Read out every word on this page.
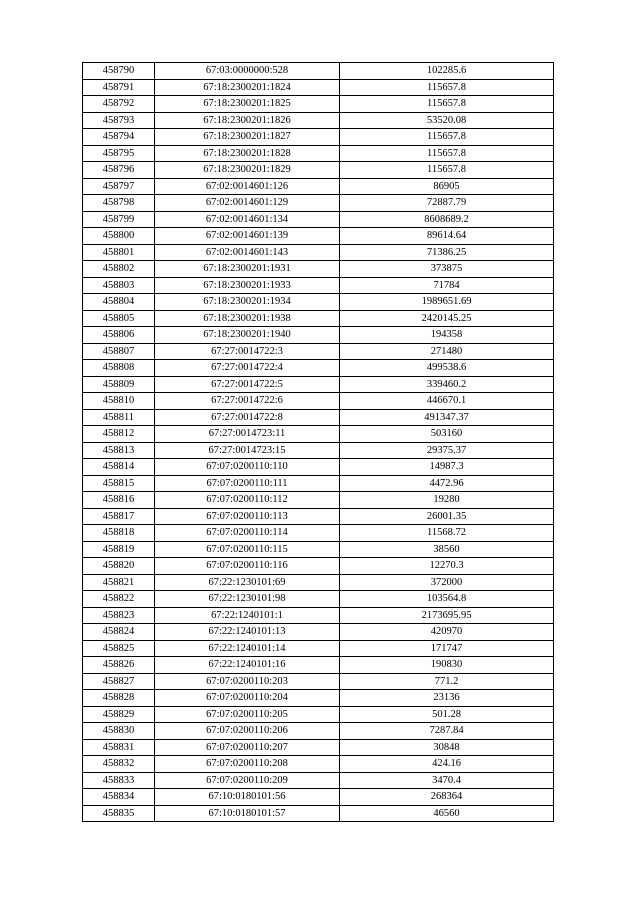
458790	67:03:0000000:528	102285.6
458791	67:18:2300201:1824	115657.8
458792	67:18:2300201:1825	115657.8
458793	67:18:2300201:1826	53520.08
458794	67:18:2300201:1827	115657.8
458795	67:18:2300201:1828	115657.8
458796	67:18:2300201:1829	115657.8
458797	67:02:0014601:126	86905
458798	67:02:0014601:129	72887.79
458799	67:02:0014601:134	8608689.2
458800	67:02:0014601:139	89614.64
458801	67:02:0014601:143	71386.25
458802	67:18:2300201:1931	373875
458803	67:18:2300201:1933	71784
458804	67:18:2300201:1934	1989651.69
458805	67:18:2300201:1938	2420145.25
458806	67:18:2300201:1940	194358
458807	67:27:0014722:3	271480
458808	67:27:0014722:4	499538.6
458809	67:27:0014722:5	339460.2
458810	67:27:0014722:6	446670.1
458811	67:27:0014722:8	491347.37
458812	67:27:0014723:11	503160
458813	67:27:0014723:15	29375.37
458814	67:07:0200110:110	14987.3
458815	67:07:0200110:111	4472.96
458816	67:07:0200110:112	19280
458817	67:07:0200110:113	26001.35
458818	67:07:0200110:114	11568.72
458819	67:07:0200110:115	38560
458820	67:07:0200110:116	12270.3
458821	67:22:1230101:69	372000
458822	67:22:1230101:98	103564.8
458823	67:22:1240101:1	2173695.95
458824	67:22:1240101:13	420970
458825	67:22:1240101:14	171747
458826	67:22:1240101:16	190830
458827	67:07:0200110:203	771.2
458828	67:07:0200110:204	23136
458829	67:07:0200110:205	501.28
458830	67:07:0200110:206	7287.84
458831	67:07:0200110:207	30848
458832	67:07:0200110:208	424.16
458833	67:07:0200110:209	3470.4
458834	67:10:0180101:56	268364
458835	67:10:0180101:57	46560
